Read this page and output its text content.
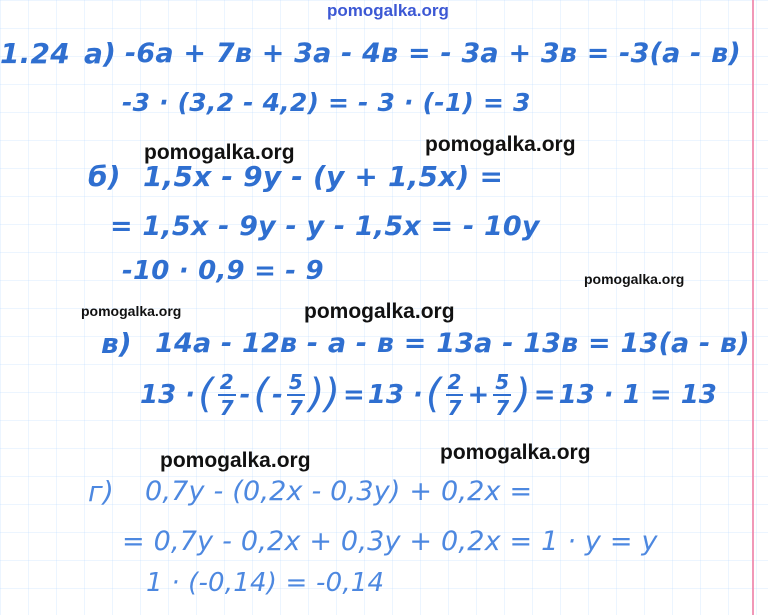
pomogalka.org
1.24 а) -6a + 7в + 3a - 4в = - 3a + 3в = -3(a - в)
-3 · (3,2 - 4,2) = - 3 · (-1) = 3
pomogalka.org
pomogalka.org
б) 1,5x - 9y - (y + 1,5x) =
= 1,5x - 9y - y - 1,5x = - 10y
-10 · 0,9 = - 9	pomogalka.org
pomogalka.org	pomogalka.org
в) 14a - 12в - a - в = 13a - 13в = 13(a - в)
13 · ( $\frac{2}{7}$ - ( - $\frac{5}{7}$ )) = 13 · ( $\frac{2}{7} + \frac{5}{7}$ ) = 13 · 1 = 13
pomogalka.org
pomogalka.org
г) 0,7y - (0,2x - 0,3y) + 0,2x =
= 0,7y - 0,2x + 0,3y + 0,2x = 1 · y = y
1 · (-0,14) = -0,14
